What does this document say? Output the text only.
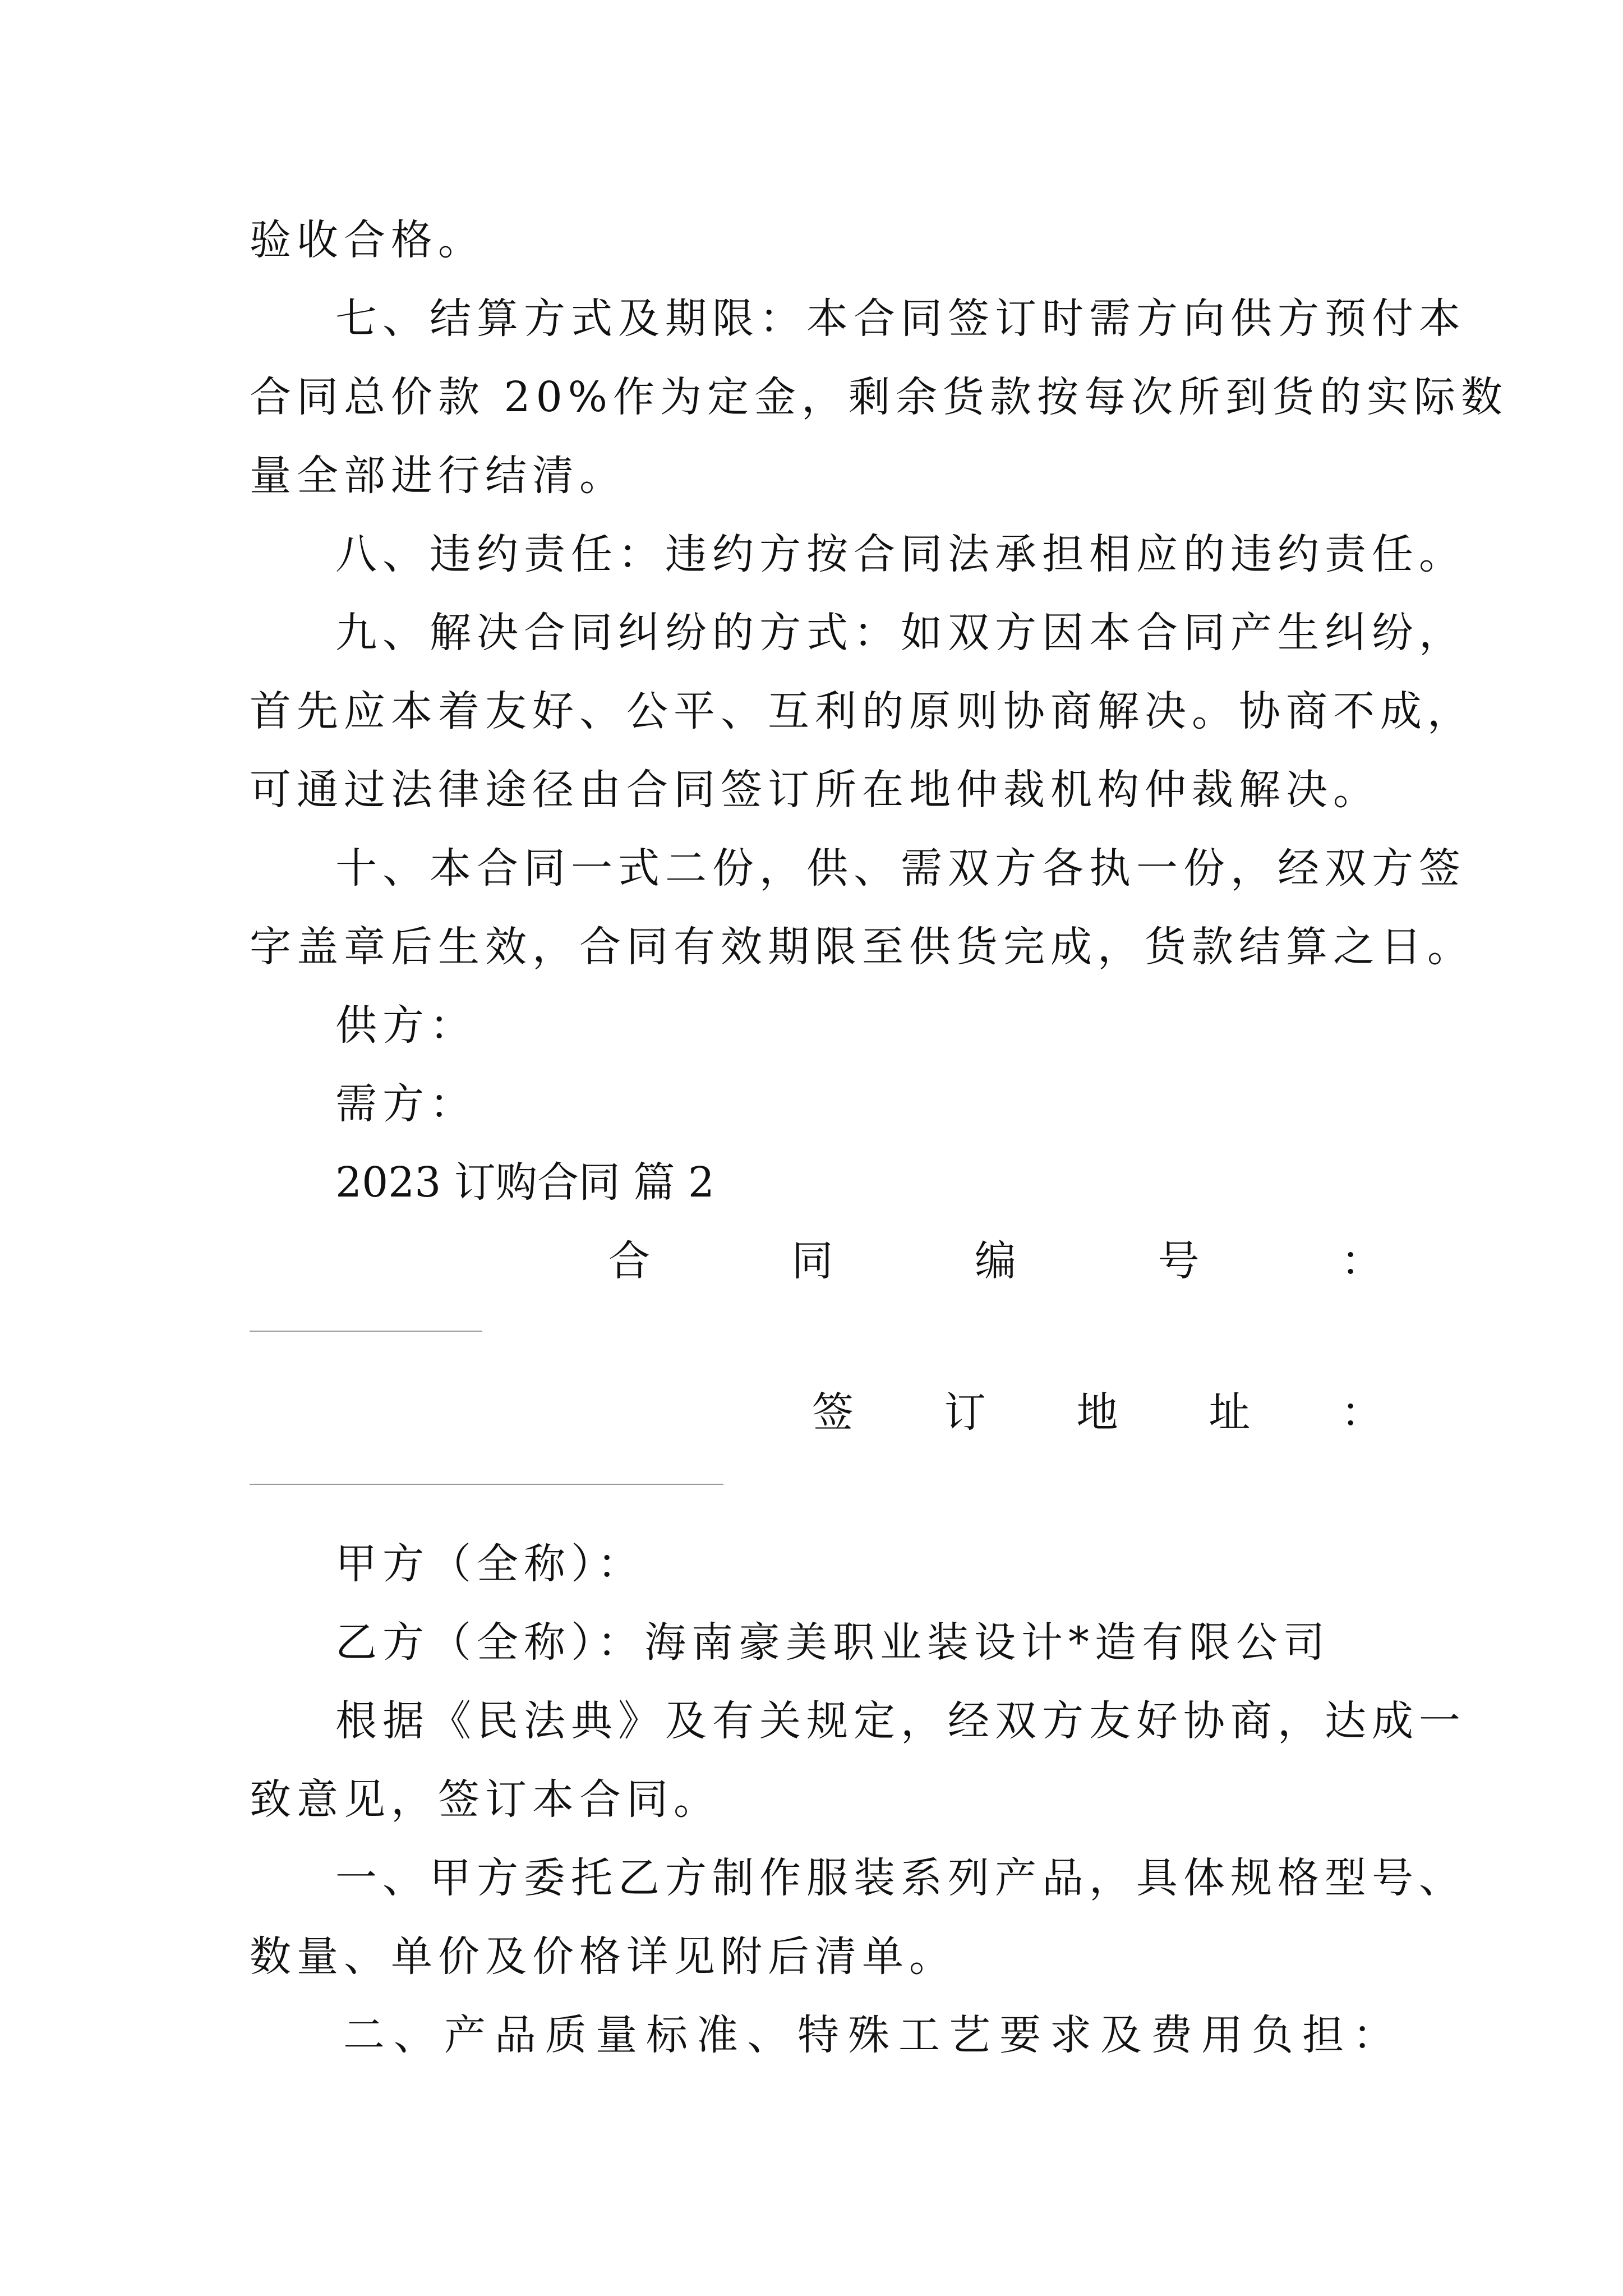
验收合格。
七、结算方式及期限：本合同签订时需方向供方预付本
合同总价款 20%作为定金，剩余货款按每次所到货的实际数
量全部进行结清。
八、违约责任：违约方按合同法承担相应的违约责任。
九、解决合同纠纷的方式：如双方因本合同产生纠纷，
首先应本着友好、公平、互利的原则协商解决。协商不成，
可通过法律途径由合同签订所在地仲裁机构仲裁解决。
十、本合同一式二份，供、需双方各执一份，经双方签
字盖章后生效，合同有效期限至供货完成，货款结算之日。
供方：
需方：
2023 订购合同 篇 2
合	同	编	号	：
签 订 地 址 ：
甲方（全称）：
乙方（全称）：海南豪美职业装设计*造有限公司
根据《民法典》及有关规定，经双方友好协商，达成一
致意见，签订本合同。
一、甲方委托乙方制作服装系列产品，具体规格型号、
数量、单价及价格详见附后清单。
二、产品质量标准、特殊工艺要求及费用负担：
